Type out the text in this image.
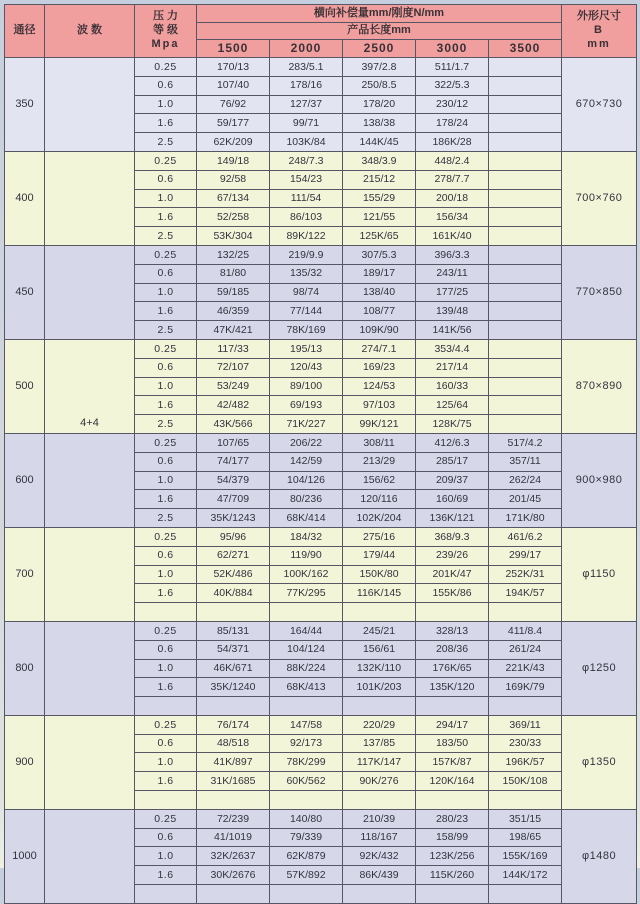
通径	波 数	
压 力
等 级
Mpa
	横向补偿量mm/刚度N/mm	外形尺寸
B
mm

			产品长度mm					
			1500	2000	2500	3000	3500	
350		0.25	170/13	283/5.1	397/2.8	511/1.7		670×730
		0.6	107/40	178/16	250/8.5	322/5.3		
		1.0	76/92	127/37	178/20	230/12		
		1.6	59/177	99/71	138/38	178/24		
		2.5	62K/209	103K/84	144K/45	186K/28		
400		0.25	149/18	248/7.3	348/3.9	448/2.4		700×760
		0.6	92/58	154/23	215/12	278/7.7		
		1.0	67/134	111/54	155/29	200/18		
		1.6	52/258	86/103	121/55	156/34		
		2.5	53K/304	89K/122	125K/65	161K/40		
450		0.25	132/25	219/9.9	307/5.3	396/3.3		770×850
		0.6	81/80	135/32	189/17	243/11		
		1.0	59/185	98/74	138/40	177/25		
		1.6	46/359	77/144	108/77	139/48		
		2.5	47K/421	78K/169	109K/90	141K/56		
500	4+4	0.25	117/33	195/13	274/7.1	353/4.4		870×890
		0.6	72/107	120/43	169/23	217/14		
		1.0	53/249	89/100	124/53	160/33		
		1.6	42/482	69/193	97/103	125/64		
		2.5	43K/566	71K/227	99K/121	128K/75		
600		0.25	107/65	206/22	308/11	412/6.3	517/4.2	900×980
		0.6	74/177	142/59	213/29	285/17	357/11	
		1.0	54/379	104/126	156/62	209/37	262/24	
		1.6	47/709	80/236	120/116	160/69	201/45	
		2.5	35K/1243	68K/414	102K/204	136K/121	171K/80	
700		0.25	95/96	184/32	275/16	368/9.3	461/6.2	φ1150
		0.6	62/271	119/90	179/44	239/26	299/17	
		1.0	52K/486	100K/162	150K/80	201K/47	252K/31	
		1.6	40K/884	77K/295	116K/145	155K/86	194K/57	

800		0.25	85/131	164/44	245/21	328/13	411/8.4	φ1250
		0.6	54/371	104/124	156/61	208/36	261/24	
		1.0	46K/671	88K/224	132K/110	176K/65	221K/43	
		1.6	35K/1240	68K/413	101K/203	135K/120	169K/79	

900		0.25	76/174	147/58	220/29	294/17	369/11	φ1350
		0.6	48/518	92/173	137/85	183/50	230/33	
		1.0	41K/897	78K/299	117K/147	157K/87	196K/57	
		1.6	31K/1685	60K/562	90K/276	120K/164	150K/108	

1000		0.25	72/239	140/80	210/39	280/23	351/15	φ1480
		0.6	41/1019	79/339	118/167	158/99	198/65	
		1.0	32K/2637	62K/879	92K/432	123K/256	155K/169	
		1.6	30K/2676	57K/892	86K/439	115K/260	144K/172	
